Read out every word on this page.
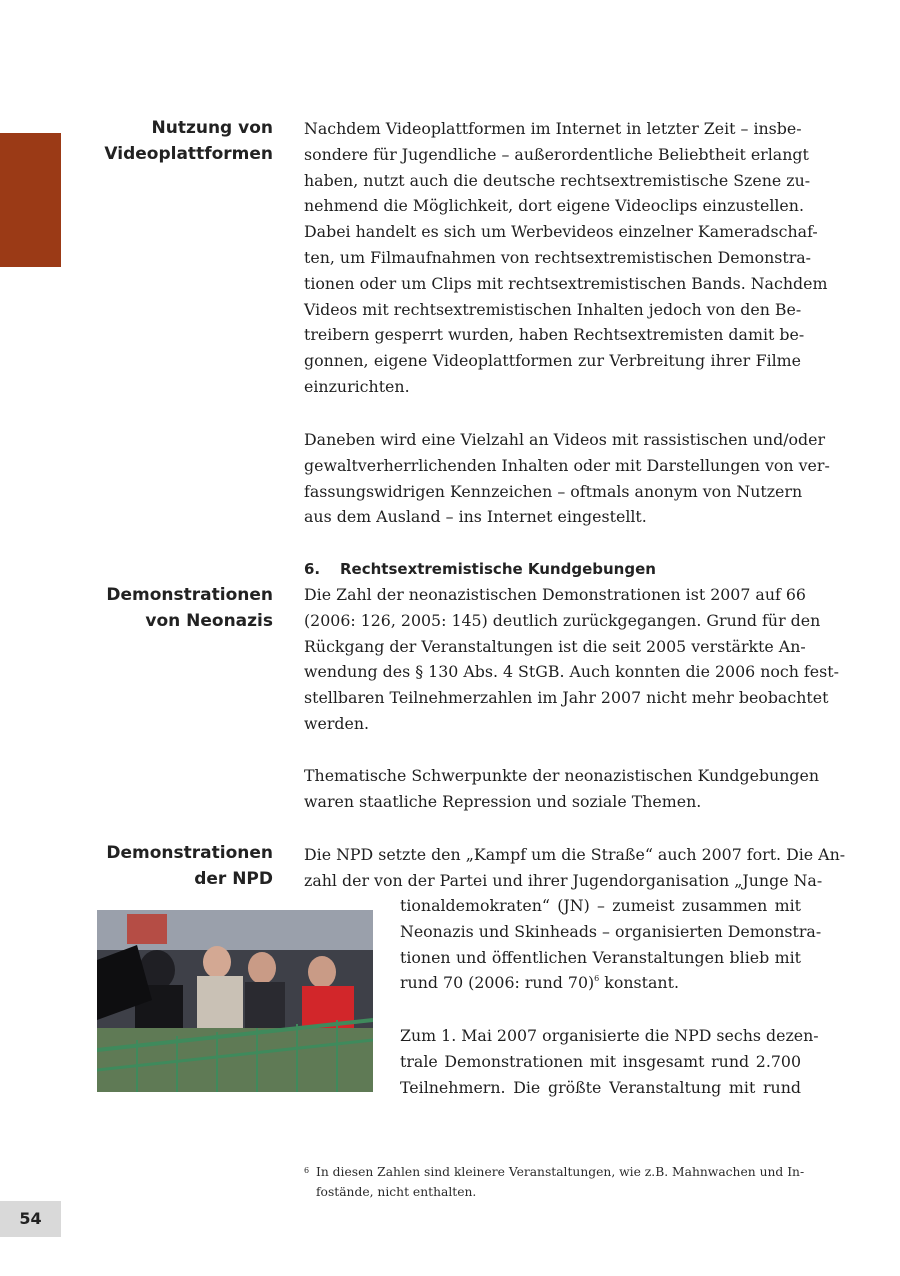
Nutzung von
Videoplattformen
Nachdem Videoplattformen im Internet in letzter Zeit – insbe-
sondere für Jugendliche – außerordentliche Beliebtheit erlangt
haben, nutzt auch die deutsche rechtsextremistische Szene zu-
nehmend die Möglichkeit, dort eigene Videoclips einzustellen.
Dabei handelt es sich um Werbevideos einzelner Kameradschaf-
ten, um Filmaufnahmen von rechtsextremistischen Demonstra-
tionen oder um Clips mit rechtsextremistischen Bands. Nachdem
Videos mit rechtsextremistischen Inhalten jedoch von den Be-
treibern gesperrt wurden, haben Rechtsextremisten damit be-
gonnen, eigene Videoplattformen zur Verbreitung ihrer Filme
einzurichten.
Daneben wird eine Vielzahl an Videos mit rassistischen und/oder
gewaltverherrlichenden Inhalten oder mit Darstellungen von ver-
fassungswidrigen Kennzeichen – oftmals anonym von Nutzern
aus dem Ausland – ins Internet eingestellt.
6. Rechtsextremistische Kundgebungen
Demonstrationen
von Neonazis
Die Zahl der neonazistischen Demonstrationen ist 2007 auf 66
(2006: 126, 2005: 145) deutlich zurückgegangen. Grund für den
Rückgang der Veranstaltungen ist die seit 2005 verstärkte An-
wendung des § 130 Abs. 4 StGB. Auch konnten die 2006 noch fest-
stellbaren Teilnehmerzahlen im Jahr 2007 nicht mehr beobachtet
werden.
Thematische Schwerpunkte der neonazistischen Kundgebungen
waren staatliche Repression und soziale Themen.
Demonstrationen
der NPD
Die NPD setzte den „Kampf um die Straße“ auch 2007 fort. Die An-
zahl der von der Partei und ihrer Jugendorganisation „Junge Na-
tionaldemokraten“ (JN) – zumeist zusammen mit
Neonazis und Skinheads – organisierten Demonstra-
tionen und öffentlichen Veranstaltungen blieb mit
rund 70 (2006: rund 70)$^6$ konstant.
Zum 1. Mai 2007 organisierte die NPD sechs dezen-
trale Demonstrationen mit insgesamt rund 2.700
Teilnehmern. Die größte Veranstaltung mit rund
6 In diesen Zahlen sind kleinere Veranstaltungen, wie z.B. Mahnwachen und In-
fostände, nicht enthalten.
54
